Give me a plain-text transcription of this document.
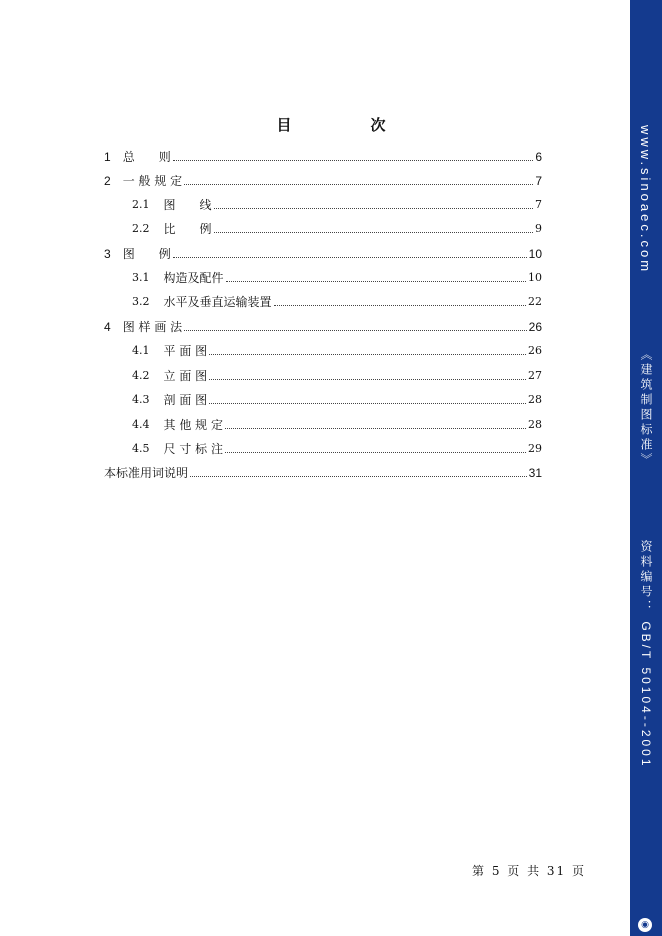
目　次
1 总　　则	6
2 一 般 规 定	7
2.1 图　　线	7
2.2 比　　例	9
3 图　　例	10
3.1 构造及配件	10
3.2 水平及垂直运输装置	22
4 图 样 画 法	26
4.1 平 面 图	26
4.2 立 面 图	27
4.3 剖 面 图	28
4.4 其 他 规 定	28
4.5 尺 寸 标 注	29
本标准用词说明	31
第 5 页 共 31 页
www.sinoaec.com
《建筑制图标准》
资料编号： GB/T 50104--2001
◉
